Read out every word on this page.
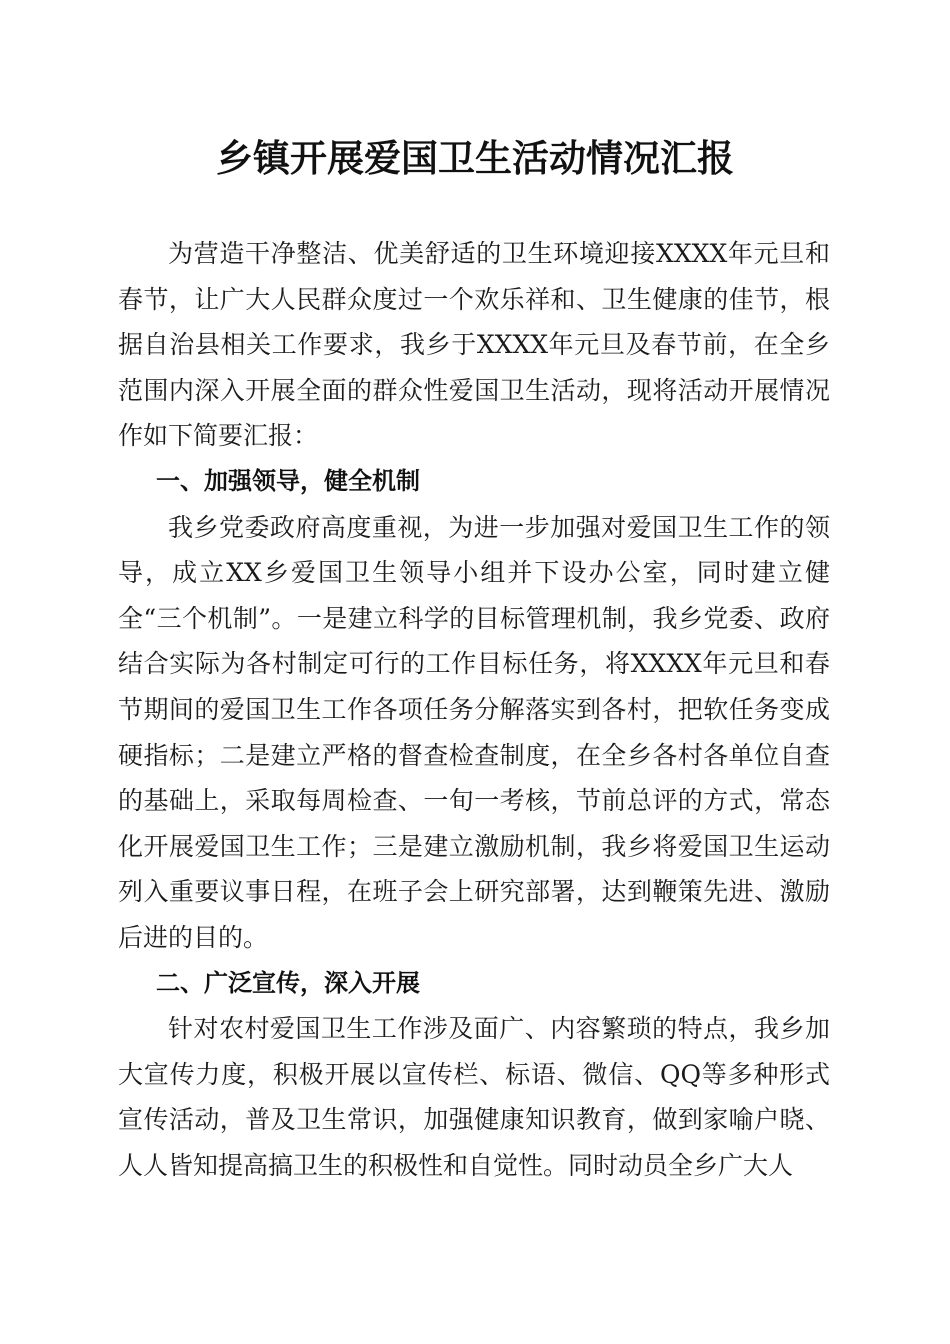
乡镇开展爱国卫生活动情况汇报

为营造干净整洁、优美舒适的卫生环境迎接XXXX年元旦和春节，让广大人民群众度过一个欢乐祥和、卫生健康的佳节，根据自治县相关工作要求，我乡于XXXX年元旦及春节前，在全乡范围内深入开展全面的群众性爱国卫生活动，现将活动开展情况作如下简要汇报：

一、加强领导，健全机制

我乡党委政府高度重视，为进一步加强对爱国卫生工作的领导，成立XX乡爱国卫生领导小组并下设办公室，同时建立健全“三个机制”。一是建立科学的目标管理机制，我乡党委、政府结合实际为各村制定可行的工作目标任务，将XXXX年元旦和春节期间的爱国卫生工作各项任务分解落实到各村，把软任务变成硬指标；二是建立严格的督查检查制度，在全乡各村各单位自查的基础上，采取每周检查、一旬一考核，节前总评的方式，常态化开展爱国卫生工作；三是建立激励机制，我乡将爱国卫生运动列入重要议事日程，在班子会上研究部署，达到鞭策先进、激励后进的目的。

二、广泛宣传，深入开展

针对农村爱国卫生工作涉及面广、内容繁琐的特点，我乡加大宣传力度，积极开展以宣传栏、标语、微信、QQ等多种形式宣传活动，普及卫生常识，加强健康知识教育，做到家喻户晓、人人皆知提高搞卫生的积极性和自觉性。同时动员全乡广大人
